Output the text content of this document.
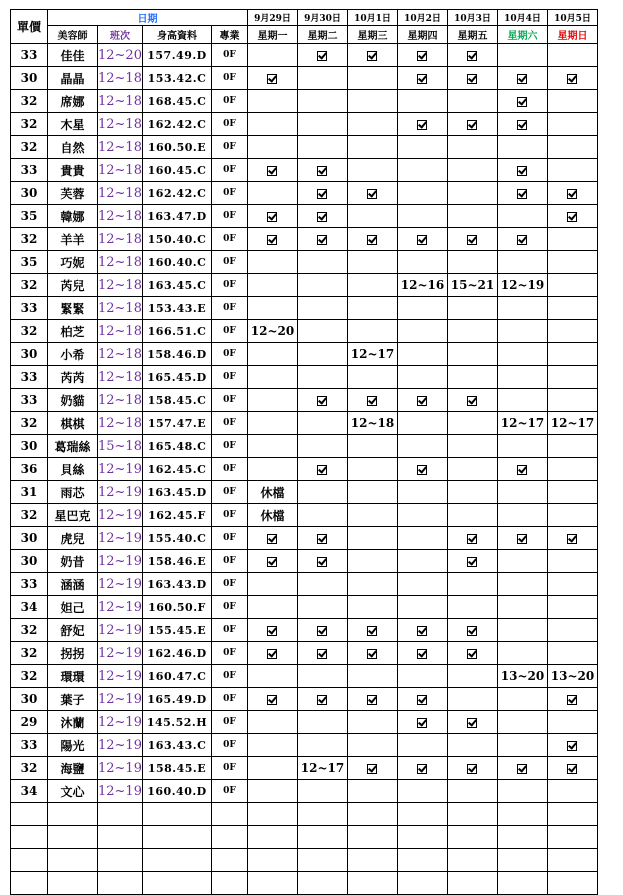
單價	日期				9月29日	9月30日	10月1日	10月2日	10月3日	10月4日	10月5日
	美容師	班次	身高資料	專業	星期一	星期二	星期三	星期四	星期五	星期六	星期日
33	佳佳	12~20	157.49.D	0F							
30	晶晶	12~18	153.42.C	0F							
32	席娜	12~18	168.45.C	0F							
32	木星	12~18	162.42.C	0F							
32	自然	12~18	160.50.E	0F							
33	貴貴	12~18	160.45.C	0F							
30	芙蓉	12~18	162.42.C	0F							
35	韓娜	12~18	163.47.D	0F							
32	羊羊	12~18	150.40.C	0F							
35	巧妮	12~18	160.40.C	0F							
32	芮兒	12~18	163.45.C	0F				12~16	15~21	12~19	
33	緊緊	12~18	153.43.E	0F							
32	柏芝	12~18	166.51.C	0F	12~20						
30	小希	12~18	158.46.D	0F			12~17				
33	芮芮	12~18	165.45.D	0F							
33	奶貓	12~18	158.45.C	0F							
32	棋棋	12~18	157.47.E	0F			12~18			12~17	12~17
30	葛瑞絲	15~18	165.48.C	0F							
36	貝絲	12~19	162.45.C	0F							
31	雨芯	12~19	163.45.D	0F	休檔						
32	星巴克	12~19	162.45.F	0F	休檔						
30	虎兒	12~19	155.40.C	0F							
30	奶昔	12~19	158.46.E	0F							
33	涵涵	12~19	163.43.D	0F							
34	妲己	12~19	160.50.F	0F							
32	舒妃	12~19	155.45.E	0F							
32	拐拐	12~19	162.46.D	0F							
32	環環	12~19	160.47.C	0F						13~20	13~20
30	葉子	12~19	165.49.D	0F							
29	沐蘭	12~19	145.52.H	0F							
33	陽光	12~19	163.43.C	0F							
32	海鹽	12~19	158.45.E	0F		12~17					
34	文心	12~19	160.40.D	0F							
